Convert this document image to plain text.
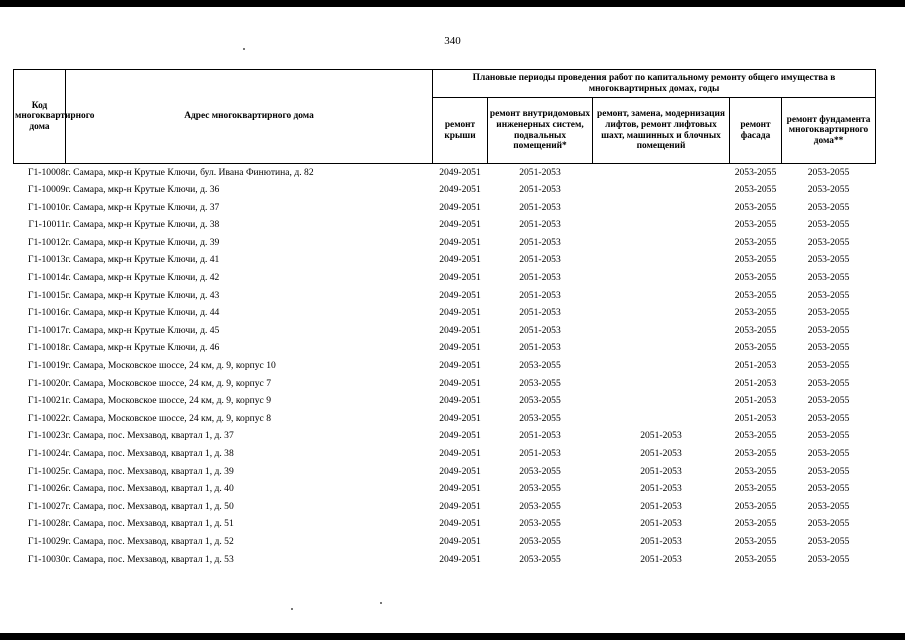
340
Код многоквартирного дома	Адрес многоквартирного дома	Плановые периоды проведения работ по капитальному ремонту общего имущества в многоквартирных домах, годы				
		ремонт крыши	ремонт внутридомовых инженерных систем, подвальных помещений*	ремонт, замена, модернизация лифтов, ремонт лифтовых шахт, машинных и блочных помещений	ремонт фасада	ремонт фундамента многоквартирного дома**
Г1-10008	г. Самара, мкр-н Крутые Ключи, бул. Ивана Финютина, д. 82	2049-2051	2051-2053		2053-2055	2053-2055
Г1-10009	г. Самара, мкр-н Крутые Ключи, д. 36	2049-2051	2051-2053		2053-2055	2053-2055
Г1-10010	г. Самара, мкр-н Крутые Ключи, д. 37	2049-2051	2051-2053		2053-2055	2053-2055
Г1-10011	г. Самара, мкр-н Крутые Ключи, д. 38	2049-2051	2051-2053		2053-2055	2053-2055
Г1-10012	г. Самара, мкр-н Крутые Ключи, д. 39	2049-2051	2051-2053		2053-2055	2053-2055
Г1-10013	г. Самара, мкр-н Крутые Ключи, д. 41	2049-2051	2051-2053		2053-2055	2053-2055
Г1-10014	г. Самара, мкр-н Крутые Ключи, д. 42	2049-2051	2051-2053		2053-2055	2053-2055
Г1-10015	г. Самара, мкр-н Крутые Ключи, д. 43	2049-2051	2051-2053		2053-2055	2053-2055
Г1-10016	г. Самара, мкр-н Крутые Ключи, д. 44	2049-2051	2051-2053		2053-2055	2053-2055
Г1-10017	г. Самара, мкр-н Крутые Ключи, д. 45	2049-2051	2051-2053		2053-2055	2053-2055
Г1-10018	г. Самара, мкр-н Крутые Ключи, д. 46	2049-2051	2051-2053		2053-2055	2053-2055
Г1-10019	г. Самара, Московское шоссе, 24 км, д. 9, корпус 10	2049-2051	2053-2055		2051-2053	2053-2055
Г1-10020	г. Самара, Московское шоссе, 24 км, д. 9, корпус 7	2049-2051	2053-2055		2051-2053	2053-2055
Г1-10021	г. Самара, Московское шоссе, 24 км, д. 9, корпус 9	2049-2051	2053-2055		2051-2053	2053-2055
Г1-10022	г. Самара, Московское шоссе, 24 км, д. 9, корпус 8	2049-2051	2053-2055		2051-2053	2053-2055
Г1-10023	г. Самара, пос. Мехзавод, квартал 1, д. 37	2049-2051	2051-2053	2051-2053	2053-2055	2053-2055
Г1-10024	г. Самара, пос. Мехзавод, квартал 1, д. 38	2049-2051	2051-2053	2051-2053	2053-2055	2053-2055
Г1-10025	г. Самара, пос. Мехзавод, квартал 1, д. 39	2049-2051	2053-2055	2051-2053	2053-2055	2053-2055
Г1-10026	г. Самара, пос. Мехзавод, квартал 1, д. 40	2049-2051	2053-2055	2051-2053	2053-2055	2053-2055
Г1-10027	г. Самара, пос. Мехзавод, квартал 1, д. 50	2049-2051	2053-2055	2051-2053	2053-2055	2053-2055
Г1-10028	г. Самара, пос. Мехзавод, квартал 1, д. 51	2049-2051	2053-2055	2051-2053	2053-2055	2053-2055
Г1-10029	г. Самара, пос. Мехзавод, квартал 1, д. 52	2049-2051	2053-2055	2051-2053	2053-2055	2053-2055
Г1-10030	г. Самара, пос. Мехзавод, квартал 1, д. 53	2049-2051	2053-2055	2051-2053	2053-2055	2053-2055
